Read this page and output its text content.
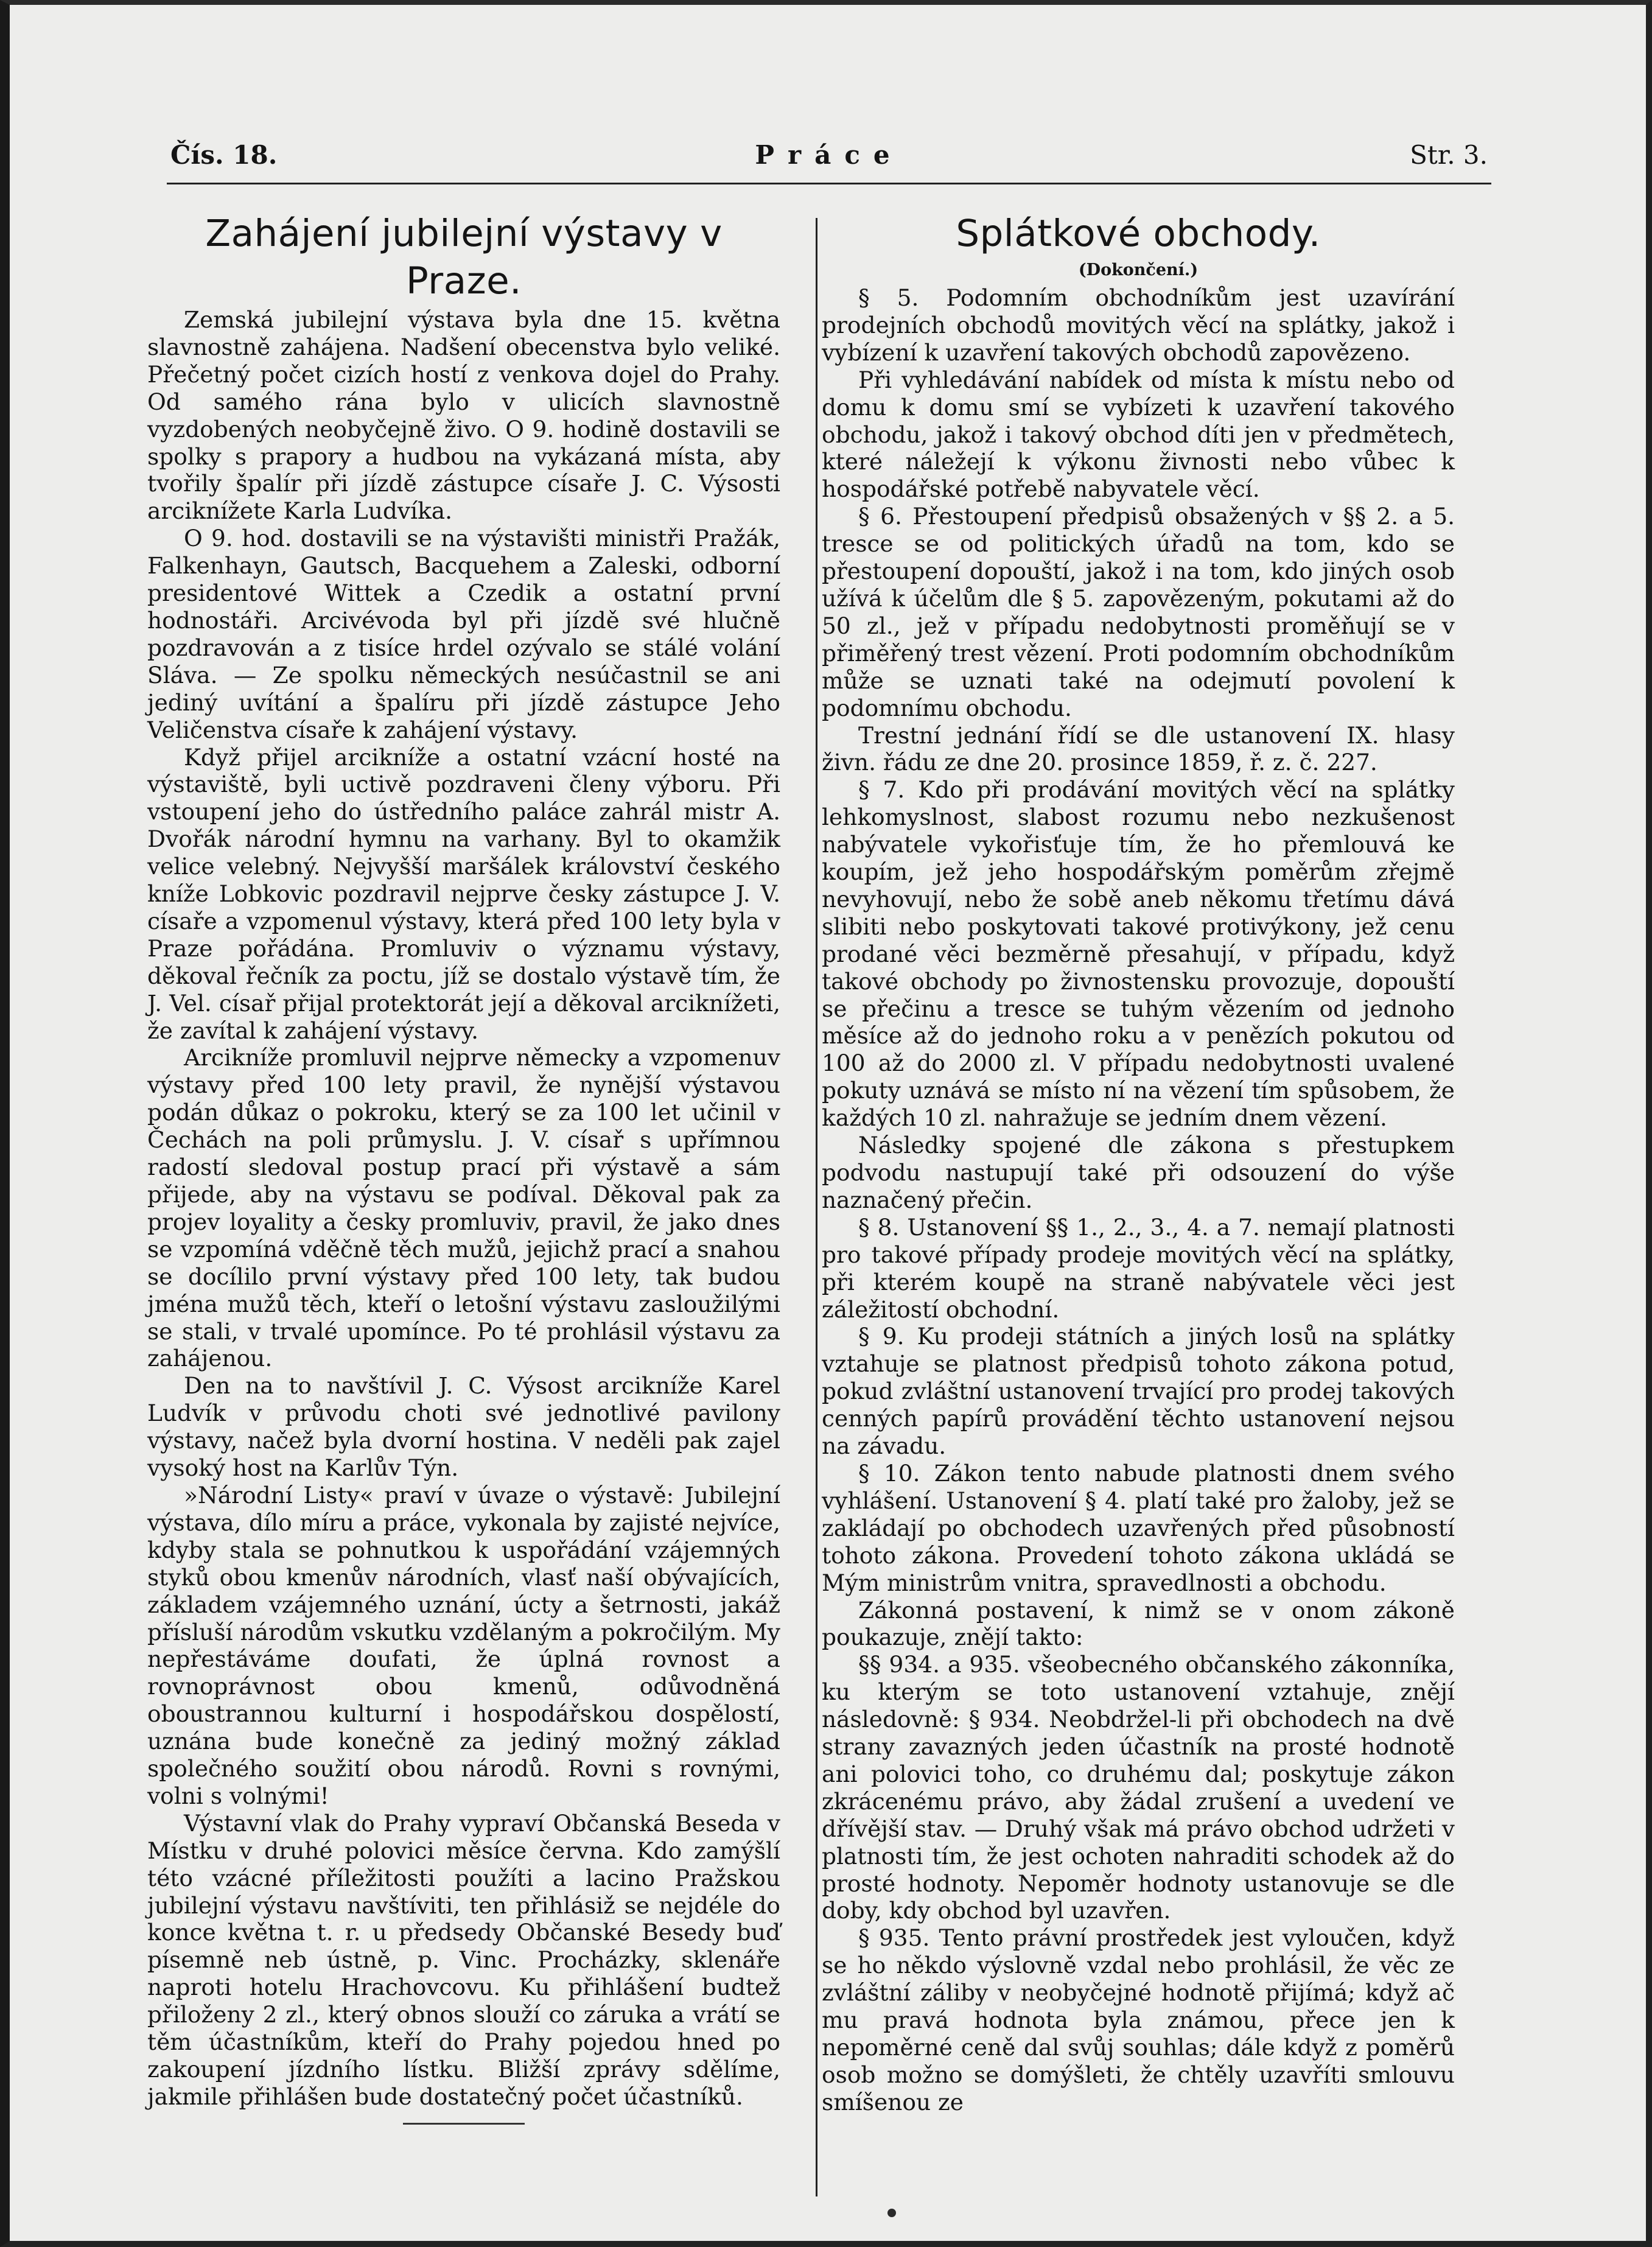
Čís. 18.	Práce	Str. 3.
Zahájení jubilejní výstavy v Praze.

Zemská jubilejní výstava byla dne 15. května slavnostně zahájena. Nadšení obecenstva bylo veliké. Přečetný počet cizích hostí z venkova dojel do Prahy. Od samého rána bylo v ulicích slavnostně vyzdobených neobyčejně živo. O 9. hodině dostavili se spolky s prapory a hudbou na vykázaná místa, aby tvořily špalír při jízdě zástupce císaře J. C. Výsosti arciknížete Karla Ludvíka.

O 9. hod. dostavili se na výstavišti ministři Pražák, Falkenhayn, Gautsch, Bacquehem a Zaleski, odborní presidentové Wittek a Czedik a ostatní první hodnostáři. Arcivévoda byl při jízdě své hlučně pozdravován a z tisíce hrdel ozývalo se stálé volání Sláva. — Ze spolku německých nesúčastnil se ani jediný uvítání a špalíru při jízdě zástupce Jeho Veličenstva císaře k zahájení výstavy.

Když přijel arcikníže a ostatní vzácní hosté na výstaviště, byli uctivě pozdraveni členy výboru. Při vstoupení jeho do ústředního paláce zahrál mistr A. Dvořák národní hymnu na varhany. Byl to okamžik velice velebný. Nejvyšší maršálek království českého kníže Lobkovic pozdravil nejprve česky zástupce J. V. císaře a vzpomenul výstavy, která před 100 lety byla v Praze pořádána. Promluviv o významu výstavy, děkoval řečník za poctu, jíž se dostalo výstavě tím, že J. Vel. císař přijal protektorát její a děkoval arciknížeti, že zavítal k zahájení výstavy.

Arcikníže promluvil nejprve německy a vzpomenuv výstavy před 100 lety pravil, že nynější výstavou podán důkaz o pokroku, který se za 100 let učinil v Čechách na poli průmyslu. J. V. císař s upřímnou radostí sledoval postup prací při výstavě a sám přijede, aby na výstavu se podíval. Děkoval pak za projev loyality a česky promluviv, pravil, že jako dnes se vzpomíná vděčně těch mužů, jejichž prací a snahou se docílilo první výstavy před 100 lety, tak budou jména mužů těch, kteří o letošní výstavu zasloužilými se stali, v trvalé upomínce. Po té prohlásil výstavu za zahájenou.

Den na to navštívil J. C. Výsost arcikníže Karel Ludvík v průvodu choti své jednotlivé pavilony výstavy, načež byla dvorní hostina. V neděli pak zajel vysoký host na Karlův Týn.

»Národní Listy« praví v úvaze o výstavě: Jubilejní výstava, dílo míru a práce, vykonala by zajisté nejvíce, kdyby stala se pohnutkou k uspořádání vzájemných styků obou kmenův národních, vlasť naší obývajících, základem vzájemného uznání, úcty a šetrnosti, jakáž přísluší národům vskutku vzdělaným a pokročilým. My nepřestáváme doufati, že úplná rovnost a rovnoprávnost obou kmenů, odůvodněná oboustrannou kulturní i hospodářskou dospělostí, uznána bude konečně za jediný možný základ společného soužití obou národů. Rovni s rovnými, volni s volnými!

Výstavní vlak do Prahy vypraví Občanská Beseda v Místku v druhé polovici měsíce června. Kdo zamýšlí této vzácné příležitosti použíti a lacino Pražskou jubilejní výstavu navštíviti, ten přihlásiž se nejdéle do konce května t. r. u předsedy Občanské Besedy buď písemně neb ústně, p. Vinc. Procházky, sklenáře naproti hotelu Hrachovcovu. Ku přihlášení budtež přiloženy 2 zl., který obnos slouží co záruka a vrátí se těm účastníkům, kteří do Prahy pojedou hned po zakoupení jízdního lístku. Bližší zprávy sdělíme, jakmile přihlášen bude dostatečný počet účastníků.

Splátkové obchody.
(Dokončení.)

§ 5. Podomním obchodníkům jest uzavírání prodejních obchodů movitých věcí na splátky, jakož i vybízení k uzavření takových obchodů zapovězeno.

Při vyhledávání nabídek od místa k místu nebo od domu k domu smí se vybízeti k uzavření takového obchodu, jakož i takový obchod díti jen v předmětech, které náležejí k výkonu živnosti nebo vůbec k hospodářské potřebě nabyvatele věcí.

§ 6. Přestoupení předpisů obsažených v §§ 2. a 5. tresce se od politických úřadů na tom, kdo se přestoupení dopouští, jakož i na tom, kdo jiných osob užívá k účelům dle § 5. zapovězeným, pokutami až do 50 zl., jež v případu nedobytnosti proměňují se v přiměřený trest vězení. Proti podomním obchodníkům může se uznati také na odejmutí povolení k podomnímu obchodu.

Trestní jednání řídí se dle ustanovení IX. hlasy živn. řádu ze dne 20. prosince 1859, ř. z. č. 227.

§ 7. Kdo při prodávání movitých věcí na splátky lehkomyslnost, slabost rozumu nebo nezkušenost nabývatele vykořisťuje tím, že ho přemlouvá ke koupím, jež jeho hospodářským poměrům zřejmě nevyhovují, nebo že sobě aneb někomu třetímu dává slibiti nebo poskytovati takové protivýkony, jež cenu prodané věci bezměrně přesahují, v případu, když takové obchody po živnostensku provozuje, dopouští se přečinu a tresce se tuhým vězením od jednoho měsíce až do jednoho roku a v penězích pokutou od 100 až do 2000 zl. V případu nedobytnosti uvalené pokuty uznává se místo ní na vězení tím spůsobem, že každých 10 zl. nahražuje se jedním dnem vězení.

Následky spojené dle zákona s přestupkem podvodu nastupují také při odsouzení do výše naznačený přečin.

§ 8. Ustanovení §§ 1., 2., 3., 4. a 7. nemají platnosti pro takové případy prodeje movitých věcí na splátky, při kterém koupě na straně nabývatele věci jest záležitostí obchodní.

§ 9. Ku prodeji státních a jiných losů na splátky vztahuje se platnost předpisů tohoto zákona potud, pokud zvláštní ustanovení trvající pro prodej takových cenných papírů provádění těchto ustanovení nejsou na závadu.

§ 10. Zákon tento nabude platnosti dnem svého vyhlášení. Ustanovení § 4. platí také pro žaloby, jež se zakládají po obchodech uzavřených před působností tohoto zákona. Provedení tohoto zákona ukládá se Mým ministrům vnitra, spravedlnosti a obchodu.

Zákonná postavení, k nimž se v onom zákoně poukazuje, znějí takto:

§§ 934. a 935. všeobecného občanského zákonníka, ku kterým se toto ustanovení vztahuje, znějí následovně: § 934. Neobdržel-li při obchodech na dvě strany zavazných jeden účastník na prosté hodnotě ani polovici toho, co druhému dal; poskytuje zákon zkrácenému právo, aby žádal zrušení a uvedení ve dřívější stav. — Druhý však má právo obchod udržeti v platnosti tím, že jest ochoten nahraditi schodek až do prosté hodnoty. Nepoměr hodnoty ustanovuje se dle doby, kdy obchod byl uzavřen.

§ 935. Tento právní prostředek jest vyloučen, když se ho někdo výslovně vzdal nebo prohlásil, že věc ze zvláštní záliby v neobyčejné hodnotě přijímá; když ač mu pravá hodnota byla známou, přece jen k nepoměrné ceně dal svůj souhlas; dále když z poměrů osob možno se domýšleti, že chtěly uzavříti smlouvu smíšenou ze
